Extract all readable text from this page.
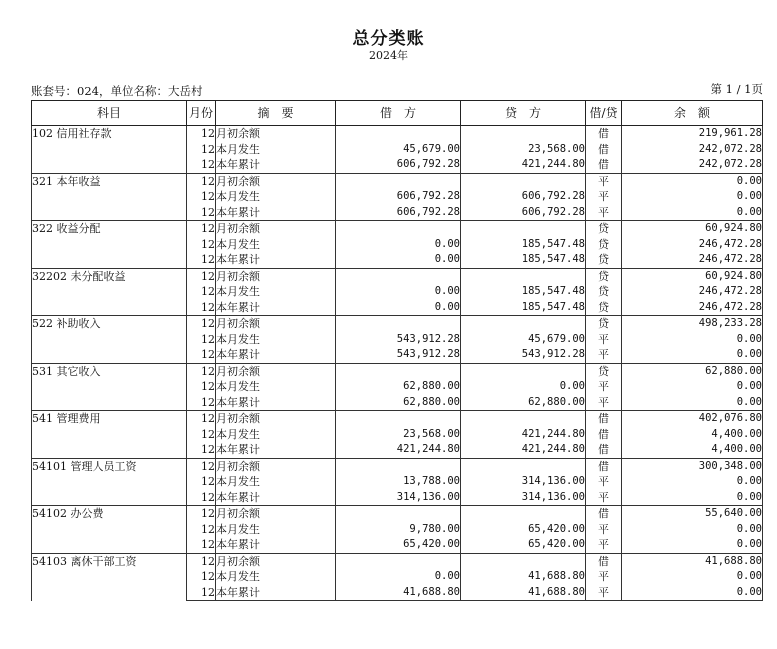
总分类账
2024年
账套号：024，单位名称：大岳村	第 1 / 1页
科目	月份	摘　要	借　方	贷　方	借/贷	余　额
102 信用社存款	12	月初余额			借	219,961.28
	12	本月发生	45,679.00	23,568.00	借	242,072.28
	12	本年累计	606,792.28	421,244.80	借	242,072.28
321 本年收益	12	月初余额			平	0.00
	12	本月发生	606,792.28	606,792.28	平	0.00
	12	本年累计	606,792.28	606,792.28	平	0.00
322 收益分配	12	月初余额			贷	60,924.80
	12	本月发生	0.00	185,547.48	贷	246,472.28
	12	本年累计	0.00	185,547.48	贷	246,472.28
32202 未分配收益	12	月初余额			贷	60,924.80
	12	本月发生	0.00	185,547.48	贷	246,472.28
	12	本年累计	0.00	185,547.48	贷	246,472.28
522 补助收入	12	月初余额			贷	498,233.28
	12	本月发生	543,912.28	45,679.00	平	0.00
	12	本年累计	543,912.28	543,912.28	平	0.00
531 其它收入	12	月初余额			贷	62,880.00
	12	本月发生	62,880.00	0.00	平	0.00
	12	本年累计	62,880.00	62,880.00	平	0.00
541 管理费用	12	月初余额			借	402,076.80
	12	本月发生	23,568.00	421,244.80	借	4,400.00
	12	本年累计	421,244.80	421,244.80	借	4,400.00
54101 管理人员工资	12	月初余额			借	300,348.00
	12	本月发生	13,788.00	314,136.00	平	0.00
	12	本年累计	314,136.00	314,136.00	平	0.00
54102 办公费	12	月初余额			借	55,640.00
	12	本月发生	9,780.00	65,420.00	平	0.00
	12	本年累计	65,420.00	65,420.00	平	0.00
54103 离休干部工资	12	月初余额			借	41,688.80
	12	本月发生	0.00	41,688.80	平	0.00
	12	本年累计	41,688.80	41,688.80	平	0.00
